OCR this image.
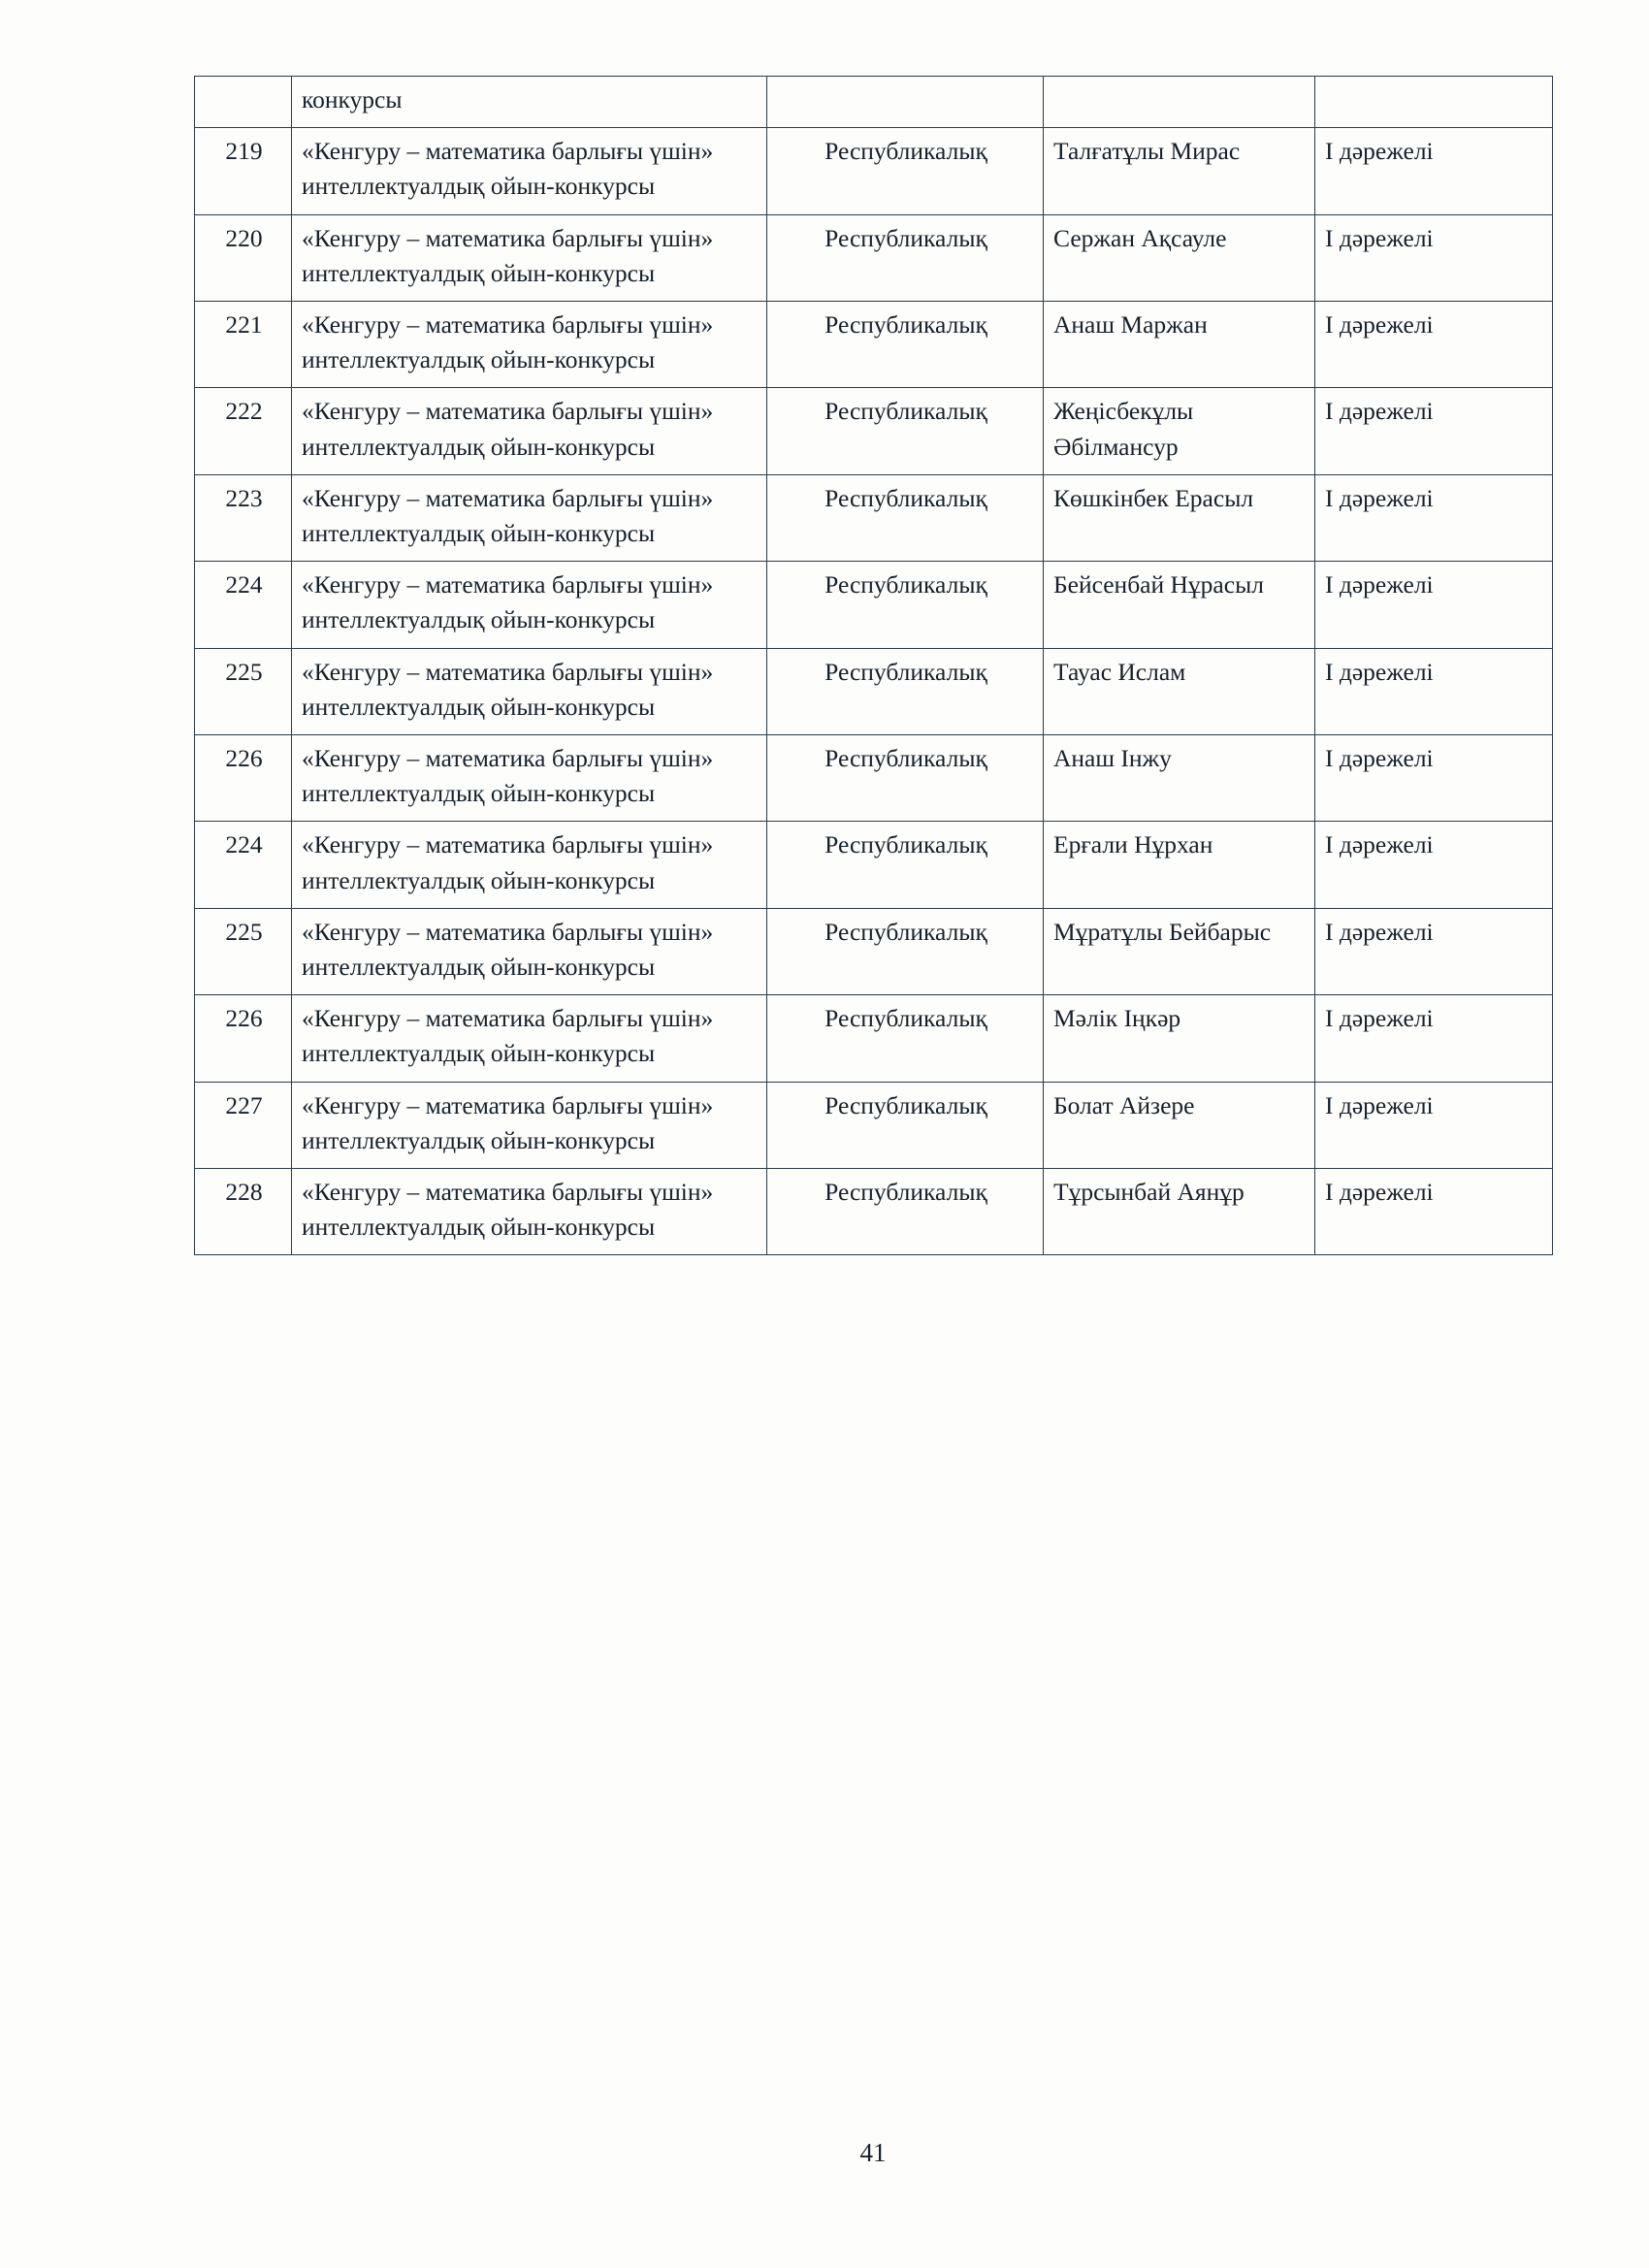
	конкурсы			
219	«Кенгуру – математика барлығы үшін» интеллектуалдық ойын-конкурсы	Республикалық	Талғатұлы Мирас	І дәрежелі
220	«Кенгуру – математика барлығы үшін» интеллектуалдық ойын-конкурсы	Республикалық	Сержан Ақсауле	І дәрежелі
221	«Кенгуру – математика барлығы үшін» интеллектуалдық ойын-конкурсы	Республикалық	Анаш Маржан	І дәрежелі
222	«Кенгуру – математика барлығы үшін» интеллектуалдық ойын-конкурсы	Республикалық	Жеңісбекұлы Әбілмансур	І дәрежелі
223	«Кенгуру – математика барлығы үшін» интеллектуалдық ойын-конкурсы	Республикалық	Көшкінбек Ерасыл	І дәрежелі
224	«Кенгуру – математика барлығы үшін» интеллектуалдық ойын-конкурсы	Республикалық	Бейсенбай Нұрасыл	І дәрежелі
225	«Кенгуру – математика барлығы үшін» интеллектуалдық ойын-конкурсы	Республикалық	Тауас Ислам	І дәрежелі
226	«Кенгуру – математика барлығы үшін» интеллектуалдық ойын-конкурсы	Республикалық	Анаш Інжу	І дәрежелі
224	«Кенгуру – математика барлығы үшін» интеллектуалдық ойын-конкурсы	Республикалық	Ерғали Нұрхан	І дәрежелі
225	«Кенгуру – математика барлығы үшін» интеллектуалдық ойын-конкурсы	Республикалық	Мұратұлы Бейбарыс	І дәрежелі
226	«Кенгуру – математика барлығы үшін» интеллектуалдық ойын-конкурсы	Республикалық	Мәлік Іңкәр	І дәрежелі
227	«Кенгуру – математика барлығы үшін» интеллектуалдық ойын-конкурсы	Республикалық	Болат Айзере	І дәрежелі
228	«Кенгуру – математика барлығы үшін» интеллектуалдық ойын-конкурсы	Республикалық	Тұрсынбай Аянұр	І дәрежелі
41
